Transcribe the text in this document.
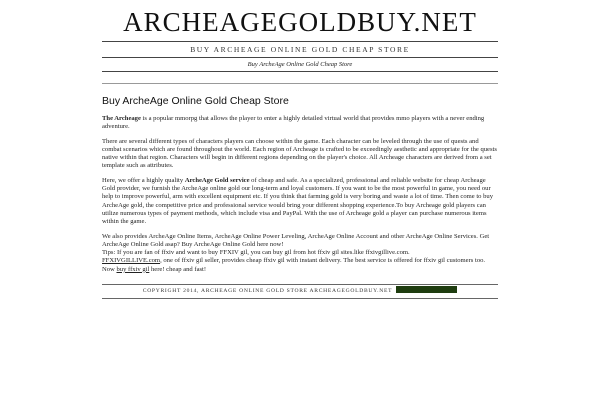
ARCHEAGEGOLDBUY.NET
BUY ARCHEAGE ONLINE GOLD CHEAP STORE
Buy ArcheAge Online Gold Cheap Store
Buy ArcheAge Online Gold Cheap Store

The Archeage is a popular mmorpg that allows the player to enter a highly detailed virtual world that provides mmo players with a never ending adventure.

There are several different types of characters players can choose within the game. Each character can be leveled through the use of quests and combat scenarios which are found throughout the world. Each region of Archeage is crafted to be exceedingly aesthetic and appropriate for the quests native within that region. Characters will begin in different regions depending on the player's choice. All Archeage characters are derived from a set template such as attributes.

Here, we offer a highly quality ArcheAge Gold service of cheap and safe. As a specialized, professional and reliable website for cheap Archeage Gold provider, we furnish the ArcheAge online gold our long-term and loyal customers. If you want to be the most powerful in game, you need our help to improve powerful, arm with excellent equipment etc. If you think that farming gold is very boring and waste a lot of time. Then come to buy ArcheAge gold, the competitive price and professional service would bring your different shopping experience.To buy Archeage gold players can utilize numerous types of payment methods, which include visa and PayPal. With the use of Archeage gold a player can purchase numerous items within the game.

We also provides ArcheAge Online Items, ArcheAge Online Power Leveling, ArcheAge Online Account and other ArcheAge Online Services. Get ArcheAge Online Gold asap? Buy ArcheAge Online Gold here now!
Tips: If you are fan of ffxiv and want to buy FFXIV gil, you can buy gil from hot ffxiv gil sites.like ffxivgillive.com.
FFXIVGILLIVE.com, one of ffxiv gil seller, provides cheap ffxiv gil with instant delivery. The best service is offered for ffxiv gil customers too. Now buy ffxiv gil here! cheap and fast!

COPYRIGHT 2014, ARCHEAGE ONLINE GOLD STORE ARCHEAGEGOLDBUY.NET
